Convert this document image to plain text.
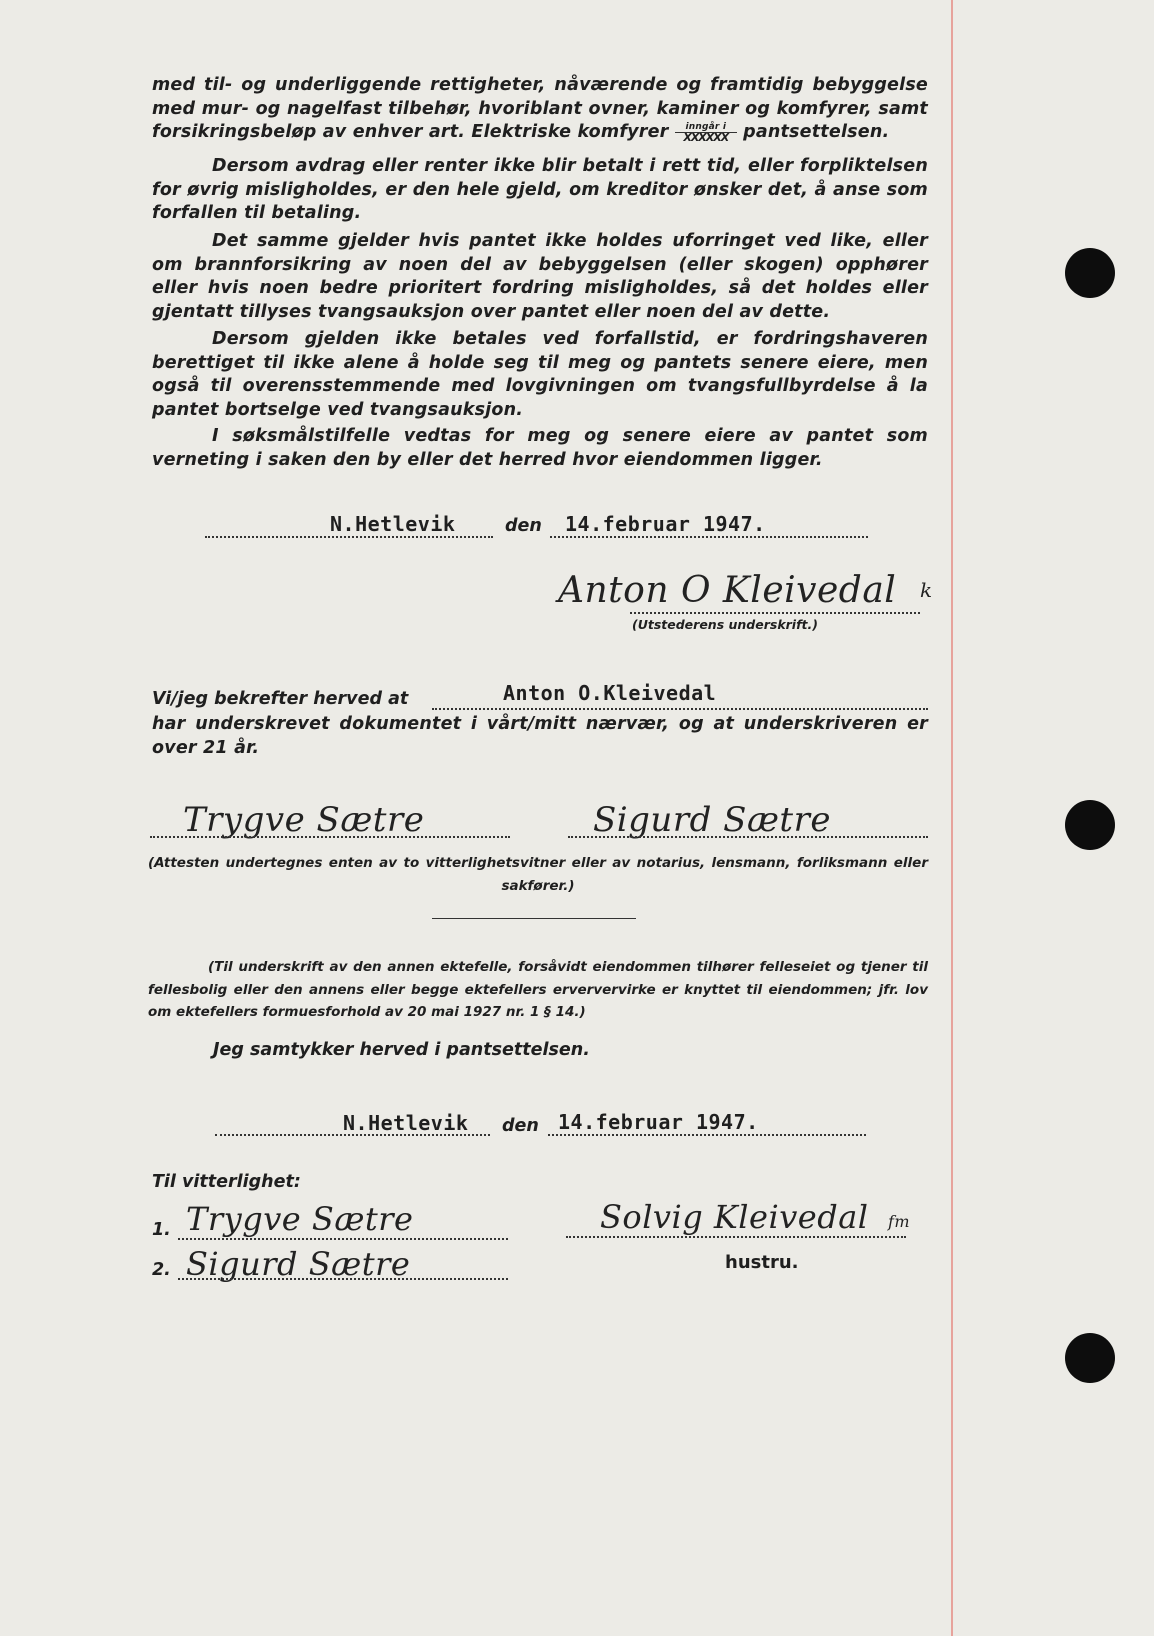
med til- og underliggende rettigheter, nåværende og framtidig bebyggelse med mur- og nagelfast tilbehør, hvoriblant ovner, kaminer og komfyrer, samt forsikringsbeløp av enhver art. Elektriske komfyrer	inngår i
XXXXXX pantsettelsen.
Dersom avdrag eller renter ikke blir betalt i rett tid, eller forpliktelsen for øvrig misligholdes, er den hele gjeld, om kreditor ønsker det, å anse som forfallen til betaling.
Det samme gjelder hvis pantet ikke holdes uforringet ved like, eller om brannforsikring av noen del av bebyggelsen (eller skogen) opphører eller hvis noen bedre prioritert fordring misligholdes, så det holdes eller gjentatt tillyses tvangsauksjon over pantet eller noen del av dette.
Dersom gjelden ikke betales ved forfallstid, er fordringshaveren berettiget til ikke alene å holde seg til meg og pantets senere eiere, men også til overensstemmende med lovgivningen om tvangsfullbyrdelse å la pantet bortselge ved tvangsauksjon.
I søksmålstilfelle vedtas for meg og senere eiere av pantet som verneting i saken den by eller det herred hvor eiendommen ligger.
N.Hetlevik	den 14.februar 1947.
Anton O Kleivedal k
(Utstederens underskrift.)
Vi/jeg bekrefter herved at	Anton O.Kleivedal
har underskrevet dokumentet i vårt/mitt nærvær, og at underskriveren er over 21 år.
Trygve Sætre	Sigurd Sætre
(Attesten undertegnes enten av to vitterlighetsvitner eller av notarius, lensmann, forliksmann eller sakfører.)
(Til underskrift av den annen ektefelle, forsåvidt eiendommen tilhører felleseiet og tjener til fellesbolig eller den annens eller begge ektefellers erververvirke er knyttet til eiendommen; jfr. lov om ektefellers formuesforhold av 20 mai 1927 nr. 1 § 14.)
Jeg samtykker herved i pantsettelsen.
N.Hetlevik den 14.februar 1947.
Til vitterlighet:
1. Trygve Sætre
2. Sigurd Sætre
Solvig Kleivedal fm
hustru.
